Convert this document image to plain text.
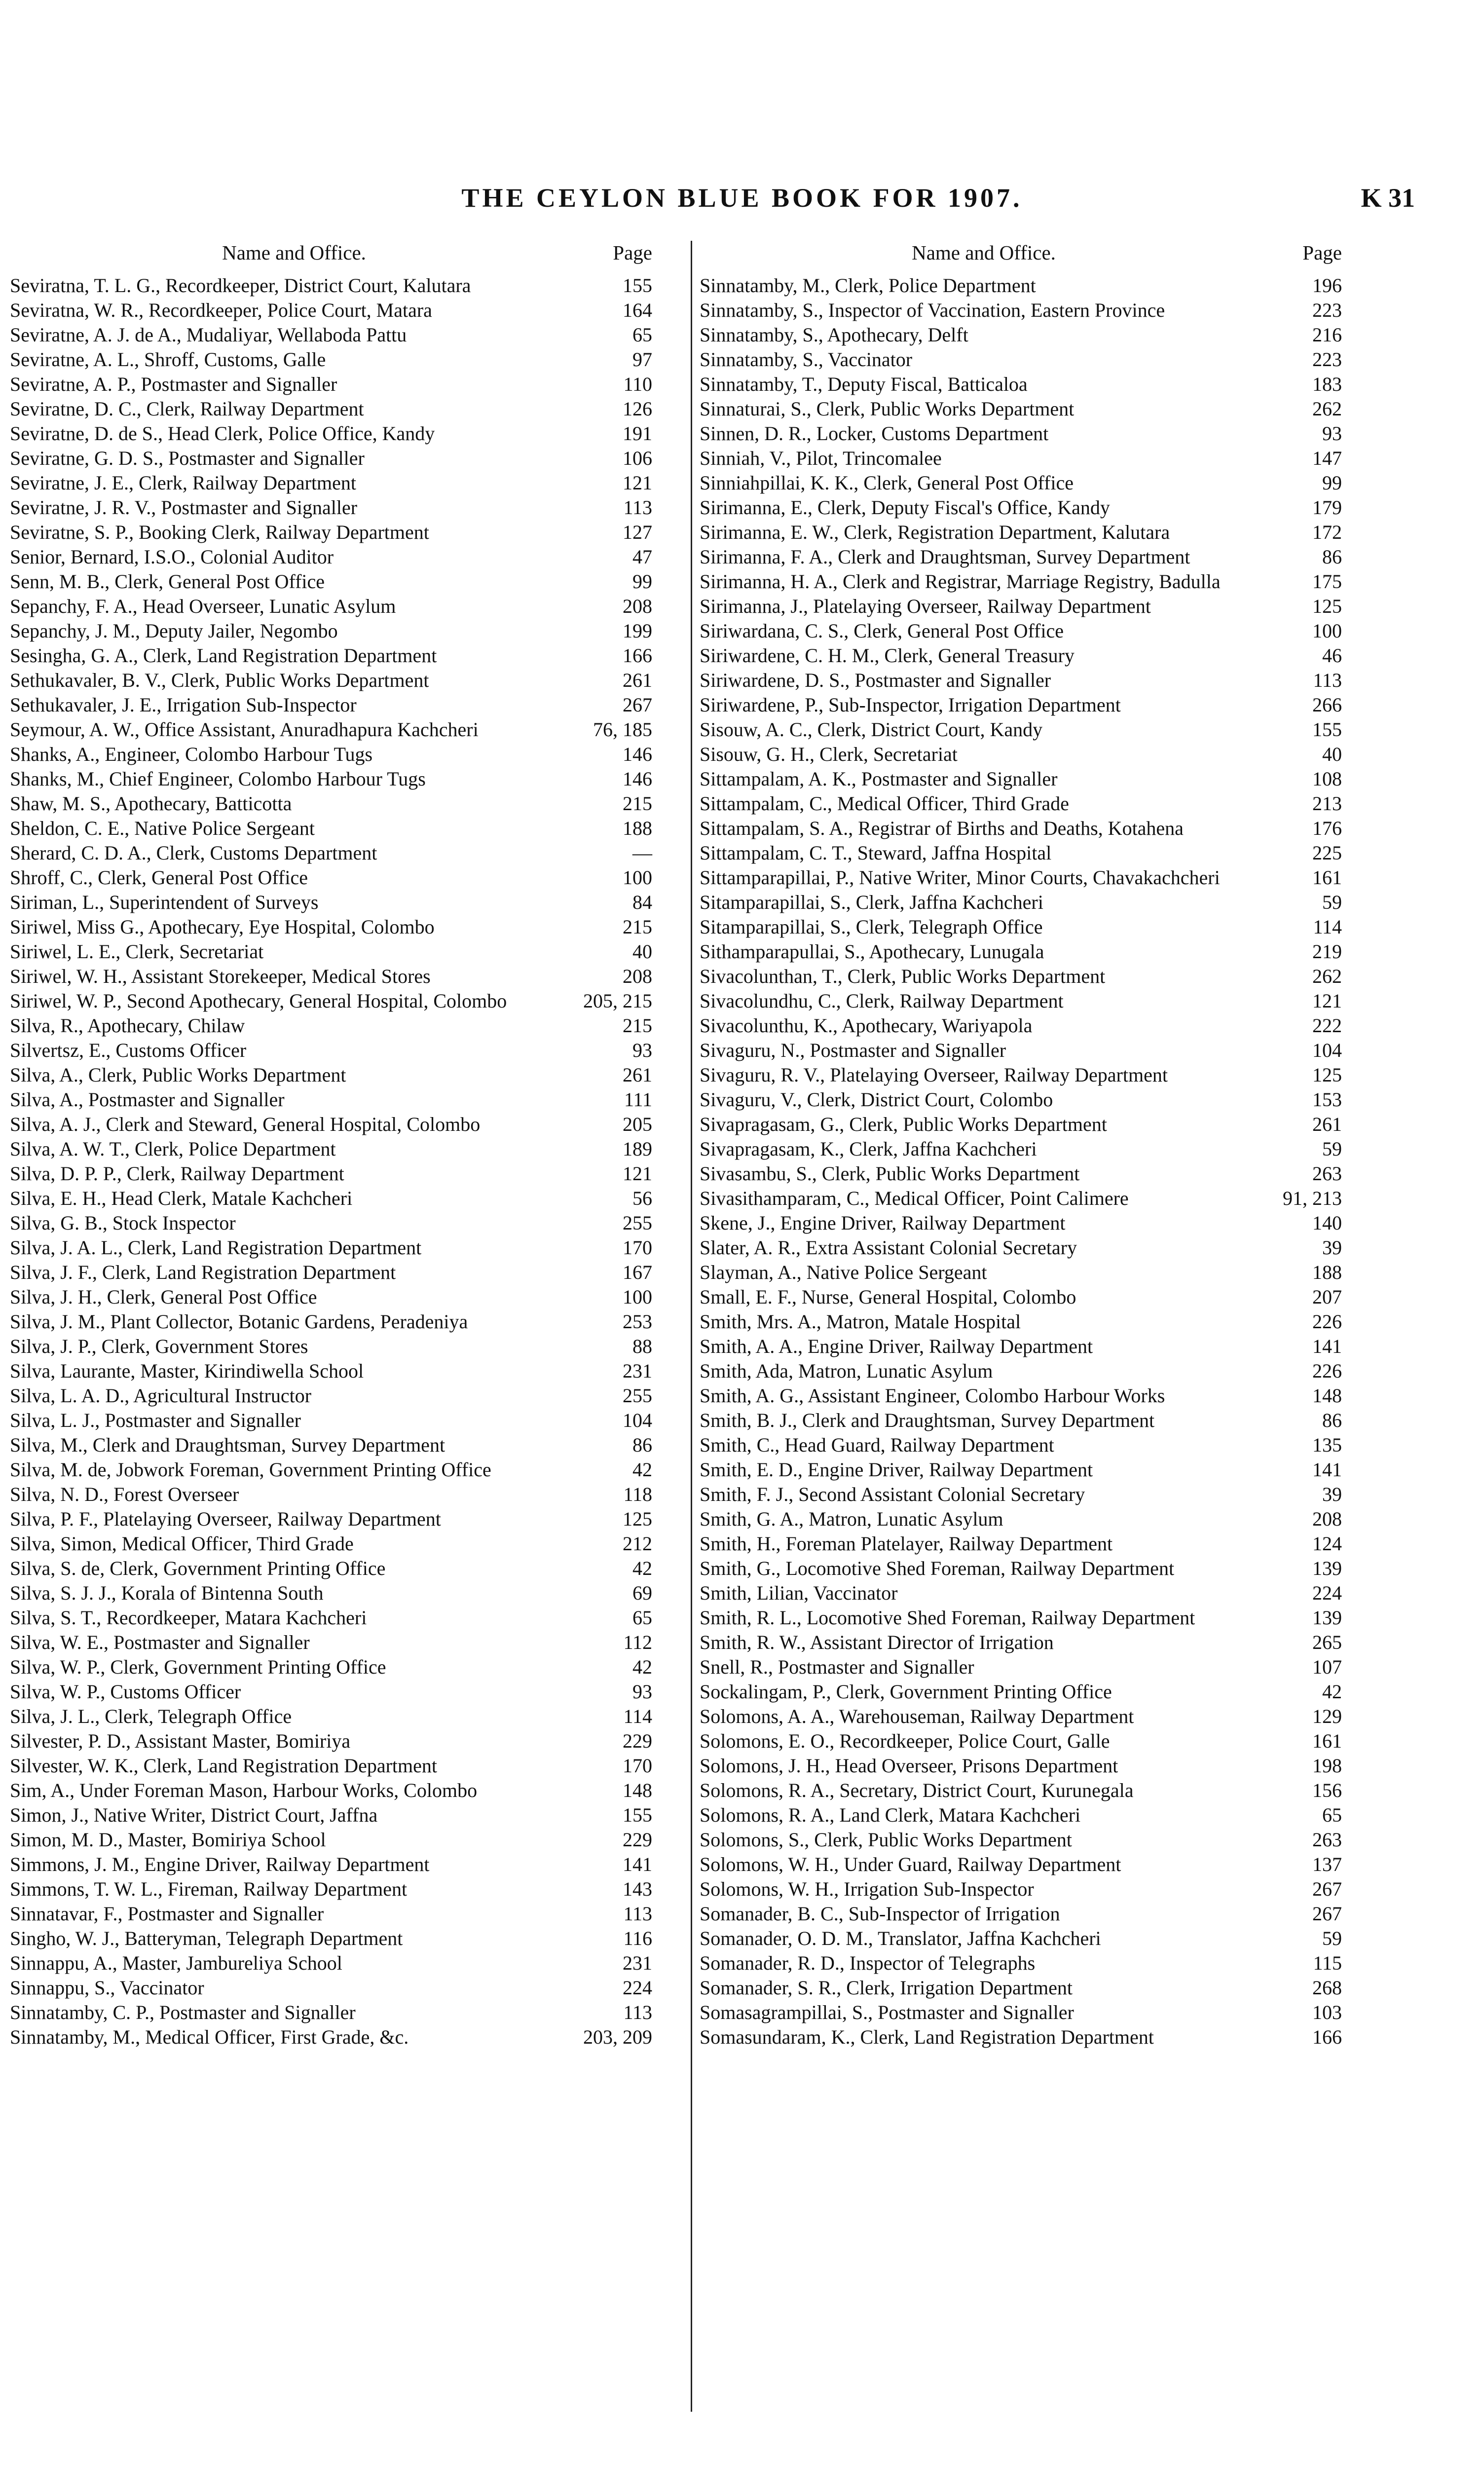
THE CEYLON BLUE BOOK FOR 1907.	K 31
Name and Office.	Page
Seviratna, T. L. G., Recordkeeper, District Court, Kalutara	155
Seviratna, W. R., Recordkeeper, Police Court, Matara	164
Seviratne, A. J. de A., Mudaliyar, Wellaboda Pattu	65
Seviratne, A. L., Shroff, Customs, Galle	97
Seviratne, A. P., Postmaster and Signaller	110
Seviratne, D. C., Clerk, Railway Department	126
Seviratne, D. de S., Head Clerk, Police Office, Kandy	191
Seviratne, G. D. S., Postmaster and Signaller	106
Seviratne, J. E., Clerk, Railway Department	121
Seviratne, J. R. V., Postmaster and Signaller	113
Seviratne, S. P., Booking Clerk, Railway Department	127
Senior, Bernard, I.S.O., Colonial Auditor	47
Senn, M. B., Clerk, General Post Office	99
Sepanchy, F. A., Head Overseer, Lunatic Asylum	208
Sepanchy, J. M., Deputy Jailer, Negombo	199
Sesingha, G. A., Clerk, Land Registration Department	166
Sethukavaler, B. V., Clerk, Public Works Department	261
Sethukavaler, J. E., Irrigation Sub-Inspector	267
Seymour, A. W., Office Assistant, Anuradhapura Kachcheri	76, 185
Shanks, A., Engineer, Colombo Harbour Tugs	146
Shanks, M., Chief Engineer, Colombo Harbour Tugs	146
Shaw, M. S., Apothecary, Batticotta	215
Sheldon, C. E., Native Police Sergeant	188
Sherard, C. D. A., Clerk, Customs Department	—
Shroff, C., Clerk, General Post Office	100
Siriman, L., Superintendent of Surveys	84
Siriwel, Miss G., Apothecary, Eye Hospital, Colombo	215
Siriwel, L. E., Clerk, Secretariat	40
Siriwel, W. H., Assistant Storekeeper, Medical Stores	208
Siriwel, W. P., Second Apothecary, General Hospital, Colombo	205, 215
Silva, R., Apothecary, Chilaw	215
Silvertsz, E., Customs Officer	93
Silva, A., Clerk, Public Works Department	261
Silva, A., Postmaster and Signaller	111
Silva, A. J., Clerk and Steward, General Hospital, Colombo	205
Silva, A. W. T., Clerk, Police Department	189
Silva, D. P. P., Clerk, Railway Department	121
Silva, E. H., Head Clerk, Matale Kachcheri	56
Silva, G. B., Stock Inspector	255
Silva, J. A. L., Clerk, Land Registration Department	170
Silva, J. F., Clerk, Land Registration Department	167
Silva, J. H., Clerk, General Post Office	100
Silva, J. M., Plant Collector, Botanic Gardens, Peradeniya	253
Silva, J. P., Clerk, Government Stores	88
Silva, Laurante, Master, Kirindiwella School	231
Silva, L. A. D., Agricultural Instructor	255
Silva, L. J., Postmaster and Signaller	104
Silva, M., Clerk and Draughtsman, Survey Department	86
Silva, M. de, Jobwork Foreman, Government Printing Office	42
Silva, N. D., Forest Overseer	118
Silva, P. F., Platelaying Overseer, Railway Department	125
Silva, Simon, Medical Officer, Third Grade	212
Silva, S. de, Clerk, Government Printing Office	42
Silva, S. J. J., Korala of Bintenna South	69
Silva, S. T., Recordkeeper, Matara Kachcheri	65
Silva, W. E., Postmaster and Signaller	112
Silva, W. P., Clerk, Government Printing Office	42
Silva, W. P., Customs Officer	93
Silva, J. L., Clerk, Telegraph Office	114
Silvester, P. D., Assistant Master, Bomiriya	229
Silvester, W. K., Clerk, Land Registration Department	170
Sim, A., Under Foreman Mason, Harbour Works, Colombo	148
Simon, J., Native Writer, District Court, Jaffna	155
Simon, M. D., Master, Bomiriya School	229
Simmons, J. M., Engine Driver, Railway Department	141
Simmons, T. W. L., Fireman, Railway Department	143
Sinnatavar, F., Postmaster and Signaller	113
Singho, W. J., Batteryman, Telegraph Department	116
Sinnappu, A., Master, Jambureliya School	231
Sinnappu, S., Vaccinator	224
Sinnatamby, C. P., Postmaster and Signaller	113
Sinnatamby, M., Medical Officer, First Grade, &c.	203, 209
Name and Office.	Page
Sinnatamby, M., Clerk, Police Department	196
Sinnatamby, S., Inspector of Vaccination, Eastern Province	223
Sinnatamby, S., Apothecary, Delft	216
Sinnatamby, S., Vaccinator	223
Sinnatamby, T., Deputy Fiscal, Batticaloa	183
Sinnaturai, S., Clerk, Public Works Department	262
Sinnen, D. R., Locker, Customs Department	93
Sinniah, V., Pilot, Trincomalee	147
Sinniahpillai, K. K., Clerk, General Post Office	99
Sirimanna, E., Clerk, Deputy Fiscal's Office, Kandy	179
Sirimanna, E. W., Clerk, Registration Department, Kalutara	172
Sirimanna, F. A., Clerk and Draughtsman, Survey Department	86
Sirimanna, H. A., Clerk and Registrar, Marriage Registry, Badulla	175
Sirimanna, J., Platelaying Overseer, Railway Department	125
Siriwardana, C. S., Clerk, General Post Office	100
Siriwardene, C. H. M., Clerk, General Treasury	46
Siriwardene, D. S., Postmaster and Signaller	113
Siriwardene, P., Sub-Inspector, Irrigation Department	266
Sisouw, A. C., Clerk, District Court, Kandy	155
Sisouw, G. H., Clerk, Secretariat	40
Sittampalam, A. K., Postmaster and Signaller	108
Sittampalam, C., Medical Officer, Third Grade	213
Sittampalam, S. A., Registrar of Births and Deaths, Kotahena	176
Sittampalam, C. T., Steward, Jaffna Hospital	225
Sittamparapillai, P., Native Writer, Minor Courts, Chavakachcheri	161
Sitamparapillai, S., Clerk, Jaffna Kachcheri	59
Sitamparapillai, S., Clerk, Telegraph Office	114
Sithamparapullai, S., Apothecary, Lunugala	219
Sivacolunthan, T., Clerk, Public Works Department	262
Sivacolundhu, C., Clerk, Railway Department	121
Sivacolunthu, K., Apothecary, Wariyapola	222
Sivaguru, N., Postmaster and Signaller	104
Sivaguru, R. V., Platelaying Overseer, Railway Department	125
Sivaguru, V., Clerk, District Court, Colombo	153
Sivapragasam, G., Clerk, Public Works Department	261
Sivapragasam, K., Clerk, Jaffna Kachcheri	59
Sivasambu, S., Clerk, Public Works Department	263
Sivasithamparam, C., Medical Officer, Point Calimere	91, 213
Skene, J., Engine Driver, Railway Department	140
Slater, A. R., Extra Assistant Colonial Secretary	39
Slayman, A., Native Police Sergeant	188
Small, E. F., Nurse, General Hospital, Colombo	207
Smith, Mrs. A., Matron, Matale Hospital	226
Smith, A. A., Engine Driver, Railway Department	141
Smith, Ada, Matron, Lunatic Asylum	226
Smith, A. G., Assistant Engineer, Colombo Harbour Works	148
Smith, B. J., Clerk and Draughtsman, Survey Department	86
Smith, C., Head Guard, Railway Department	135
Smith, E. D., Engine Driver, Railway Department	141
Smith, F. J., Second Assistant Colonial Secretary	39
Smith, G. A., Matron, Lunatic Asylum	208
Smith, H., Foreman Platelayer, Railway Department	124
Smith, G., Locomotive Shed Foreman, Railway Department	139
Smith, Lilian, Vaccinator	224
Smith, R. L., Locomotive Shed Foreman, Railway Department	139
Smith, R. W., Assistant Director of Irrigation	265
Snell, R., Postmaster and Signaller	107
Sockalingam, P., Clerk, Government Printing Office	42
Solomons, A. A., Warehouseman, Railway Department	129
Solomons, E. O., Recordkeeper, Police Court, Galle	161
Solomons, J. H., Head Overseer, Prisons Department	198
Solomons, R. A., Secretary, District Court, Kurunegala	156
Solomons, R. A., Land Clerk, Matara Kachcheri	65
Solomons, S., Clerk, Public Works Department	263
Solomons, W. H., Under Guard, Railway Department	137
Solomons, W. H., Irrigation Sub-Inspector	267
Somanader, B. C., Sub-Inspector of Irrigation	267
Somanader, O. D. M., Translator, Jaffna Kachcheri	59
Somanader, R. D., Inspector of Telegraphs	115
Somanader, S. R., Clerk, Irrigation Department	268
Somasagrampillai, S., Postmaster and Signaller	103
Somasundaram, K., Clerk, Land Registration Department	166
